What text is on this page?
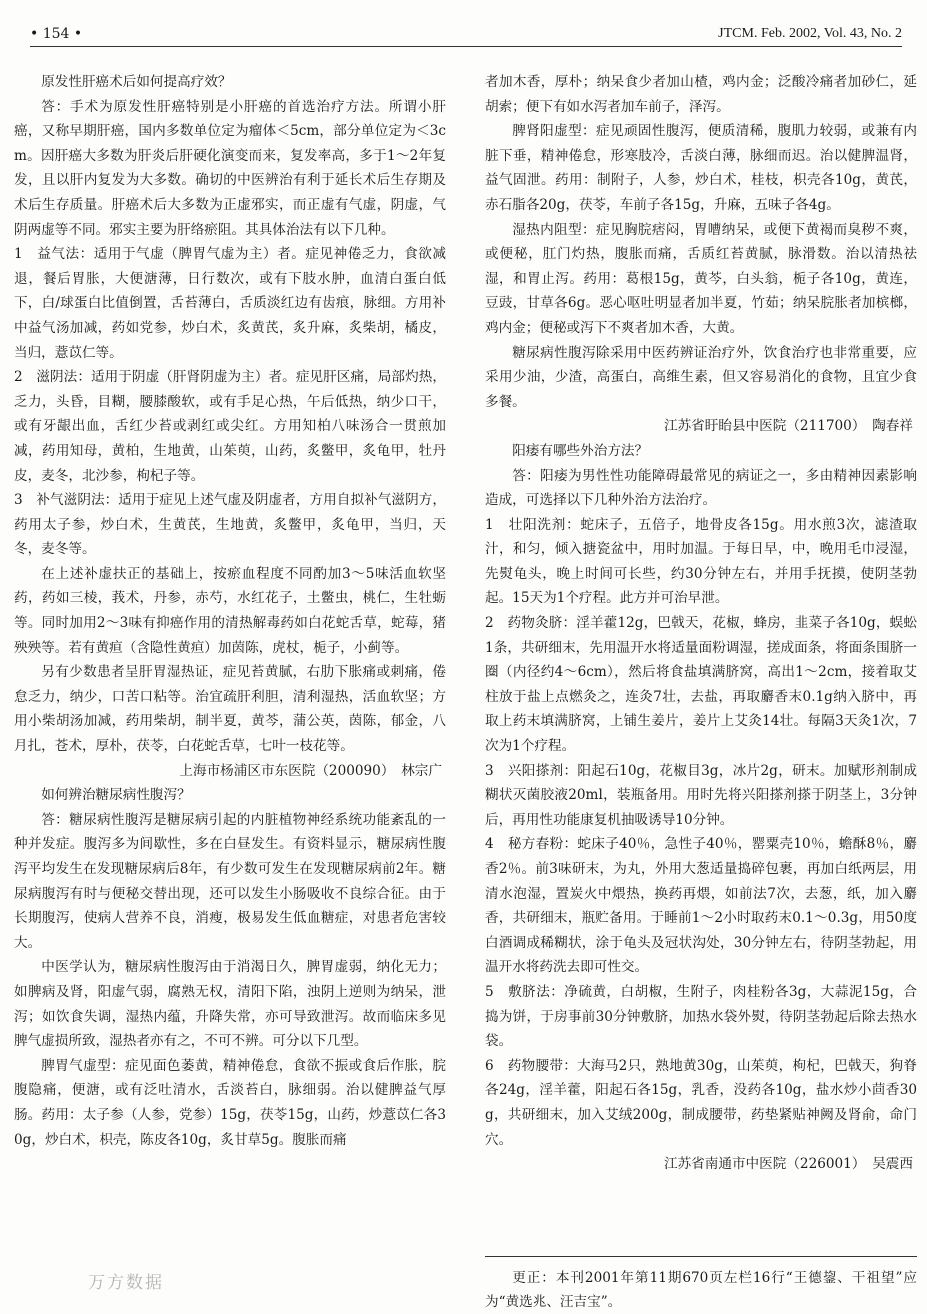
• 154 •	JTCM. Feb. 2002, Vol. 43, No. 2

原发性肝癌术后如何提高疗效？

答：手术为原发性肝癌特别是小肝癌的首选治疗方法。所谓小肝癌，又称早期肝癌，国内多数单位定为瘤体＜5cm，部分单位定为＜3cm。因肝癌大多数为肝炎后肝硬化演变而来，复发率高，多于1～2年复发，且以肝内复发为大多数。确切的中医辨治有利于延长术后生存期及术后生存质量。肝癌术后大多数为正虚邪实，而正虚有气虚，阴虚，气阴两虚等不同。邪实主要为肝络瘀阻。其具体治法有以下几种。

1　益气法：适用于气虚（脾胃气虚为主）者。症见神倦乏力，食欲减退，餐后胃胀，大便溏薄，日行数次，或有下肢水肿，血清白蛋白低下，白/球蛋白比值倒置，舌苔薄白，舌质淡红边有齿痕，脉细。方用补中益气汤加减，药如党参，炒白术，炙黄芪，炙升麻，炙柴胡，橘皮，当归，薏苡仁等。

2　滋阴法：适用于阴虚（肝肾阴虚为主）者。症见肝区痛，局部灼热，乏力，头昏，目糊，腰膝酸软，或有手足心热，午后低热，纳少口干，或有牙龈出血，舌红少苔或剥红或尖红。方用知柏八味汤合一贯煎加减，药用知母，黄柏，生地黄，山茱萸，山药，炙鳖甲，炙龟甲，牡丹皮，麦冬，北沙参，枸杞子等。

3　补气滋阴法：适用于症见上述气虚及阴虚者，方用自拟补气滋阴方，药用太子参，炒白术，生黄芪，生地黄，炙鳖甲，炙龟甲，当归，天冬，麦冬等。

在上述补虚扶正的基础上，按瘀血程度不同酌加3～5味活血软坚药，药如三棱，莪术，丹参，赤芍，水红花子，土鳖虫，桃仁，生牡蛎等。同时加用2～3味有抑癌作用的清热解毒药如白花蛇舌草，蛇莓，猪殃殃等。若有黄疸（含隐性黄疸）加茵陈，虎杖，栀子，小蓟等。

另有少数患者呈肝胃湿热证，症见苔黄腻，右肋下胀痛或刺痛，倦怠乏力，纳少，口苦口粘等。治宜疏肝利胆，清利湿热，活血软坚；方用小柴胡汤加减，药用柴胡，制半夏，黄芩，蒲公英，茵陈，郁金，八月扎，苍术，厚朴，茯苓，白花蛇舌草，七叶一枝花等。

上海市杨浦区市东医院（200090）　林宗广

如何辨治糖尿病性腹泻？

答：糖尿病性腹泻是糖尿病引起的内脏植物神经系统功能紊乱的一种并发症。腹泻多为间歇性，多在白昼发生。有资料显示，糖尿病性腹泻平均发生在发现糖尿病后8年，有少数可发生在发现糖尿病前2年。糖尿病腹泻有时与便秘交替出现，还可以发生小肠吸收不良综合征。由于长期腹泻，使病人营养不良，消瘦，极易发生低血糖症，对患者危害较大。

中医学认为，糖尿病性腹泻由于消渴日久，脾胃虚弱，纳化无力；如脾病及肾，阳虚气弱，腐熟无权，清阳下陷，浊阴上逆则为纳呆，泄泻；如饮食失调，湿热内蕴，升降失常，亦可导致泄泻。故而临床多见脾气虚损所致，湿热者亦有之，不可不辨。可分以下几型。

脾胃气虚型：症见面色萎黄，精神倦怠，食欲不振或食后作胀，脘腹隐痛，便溏，或有泛吐清水，舌淡苔白，脉细弱。治以健脾益气厚肠。药用：太子参（人参，党参）15g，茯苓15g，山药，炒薏苡仁各30g，炒白术，枳壳，陈皮各10g，炙甘草5g。腹胀而痛

者加木香，厚朴；纳呆食少者加山楂，鸡内金；泛酸冷痛者加砂仁，延胡索；便下有如水泻者加车前子，泽泻。

脾肾阳虚型：症见顽固性腹泻，便质清稀，腹肌力较弱，或兼有内脏下垂，精神倦怠，形寒肢冷，舌淡白薄，脉细而迟。治以健脾温肾，益气固泄。药用：制附子，人参，炒白术，桂枝，枳壳各10g，黄芪，赤石脂各20g，茯苓，车前子各15g，升麻，五味子各4g。

湿热内阻型：症见胸脘痞闷，胃嘈纳呆，或便下黄褐而臭秽不爽，或便秘，肛门灼热，腹胀而痛，舌质红苔黄腻，脉滑数。治以清热祛湿，和胃止泻。药用：葛根15g，黄芩，白头翁，栀子各10g，黄连，豆豉，甘草各6g。恶心呕吐明显者加半夏，竹茹；纳呆脘胀者加槟榔，鸡内金；便秘或泻下不爽者加木香，大黄。

糖尿病性腹泻除采用中医药辨证治疗外，饮食治疗也非常重要，应采用少油，少渣，高蛋白，高维生素，但又容易消化的食物，且宜少食多餐。

江苏省盱眙县中医院（211700）　陶春祥

阳痿有哪些外治方法？

答：阳痿为男性性功能障碍最常见的病证之一，多由精神因素影响造成，可选择以下几种外治方法治疗。

1　壮阳洗剂：蛇床子，五倍子，地骨皮各15g。用水煎3次，滤渣取汁，和匀，倾入搪瓷盆中，用时加温。于每日早，中，晚用毛巾浸湿，先熨龟头，晚上时间可长些，约30分钟左右，并用手抚摸，使阴茎勃起。15天为1个疗程。此方并可治早泄。

2　药物灸脐：淫羊藿12g，巴戟天，花椒，蜂房，韭菜子各10g，蜈蚣1条，共研细末，先用温开水将适量面粉调湿，搓成面条，将面条围脐一圈（内径约4～6cm），然后将食盐填满脐窝，高出1～2cm，接着取艾柱放于盐上点燃灸之，连灸7壮，去盐，再取麝香末0.1g纳入脐中，再取上药末填满脐窝，上铺生姜片，姜片上艾灸14壮。每隔3天灸1次，7次为1个疗程。

3　兴阳搽剂：阳起石10g，花椒目3g，冰片2g，研末。加赋形剂制成糊状灭菌胶液20ml，装瓶备用。用时先将兴阳搽剂搽于阴茎上，3分钟后，再用性功能康复机抽吸诱导10分钟。

4　秘方春粉：蛇床子40％，急性子40％，罂粟壳10％，蟾酥8％，麝香2％。前3味研末，为丸，外用大葱适量捣碎包裹，再加白纸两层，用清水泡湿，置炭火中煨热，换药再煨，如前法7次，去葱，纸，加入麝香，共研细末，瓶贮备用。于睡前1～2小时取药末0.1～0.3g，用50度白酒调成稀糊状，涂于龟头及冠状沟处，30分钟左右，待阴茎勃起，用温开水将药洗去即可性交。

5　敷脐法：净硫黄，白胡椒，生附子，肉桂粉各3g，大蒜泥15g，合捣为饼，于房事前30分钟敷脐，加热水袋外熨，待阴茎勃起后除去热水袋。

6　药物腰带：大海马2只，熟地黄30g，山茱萸，枸杞，巴戟天，狗脊各24g，淫羊藿，阳起石各15g，乳香，没药各10g，盐水炒小茴香30g，共研细末，加入艾绒200g，制成腰带，药垫紧贴神阙及肾俞，命门穴。

江苏省南通市中医院（226001）　吴震西

更正：本刊2001年第11期670页左栏16行“王德鋆、干祖望”应为“黄选兆、汪吉宝”。
万方数据
